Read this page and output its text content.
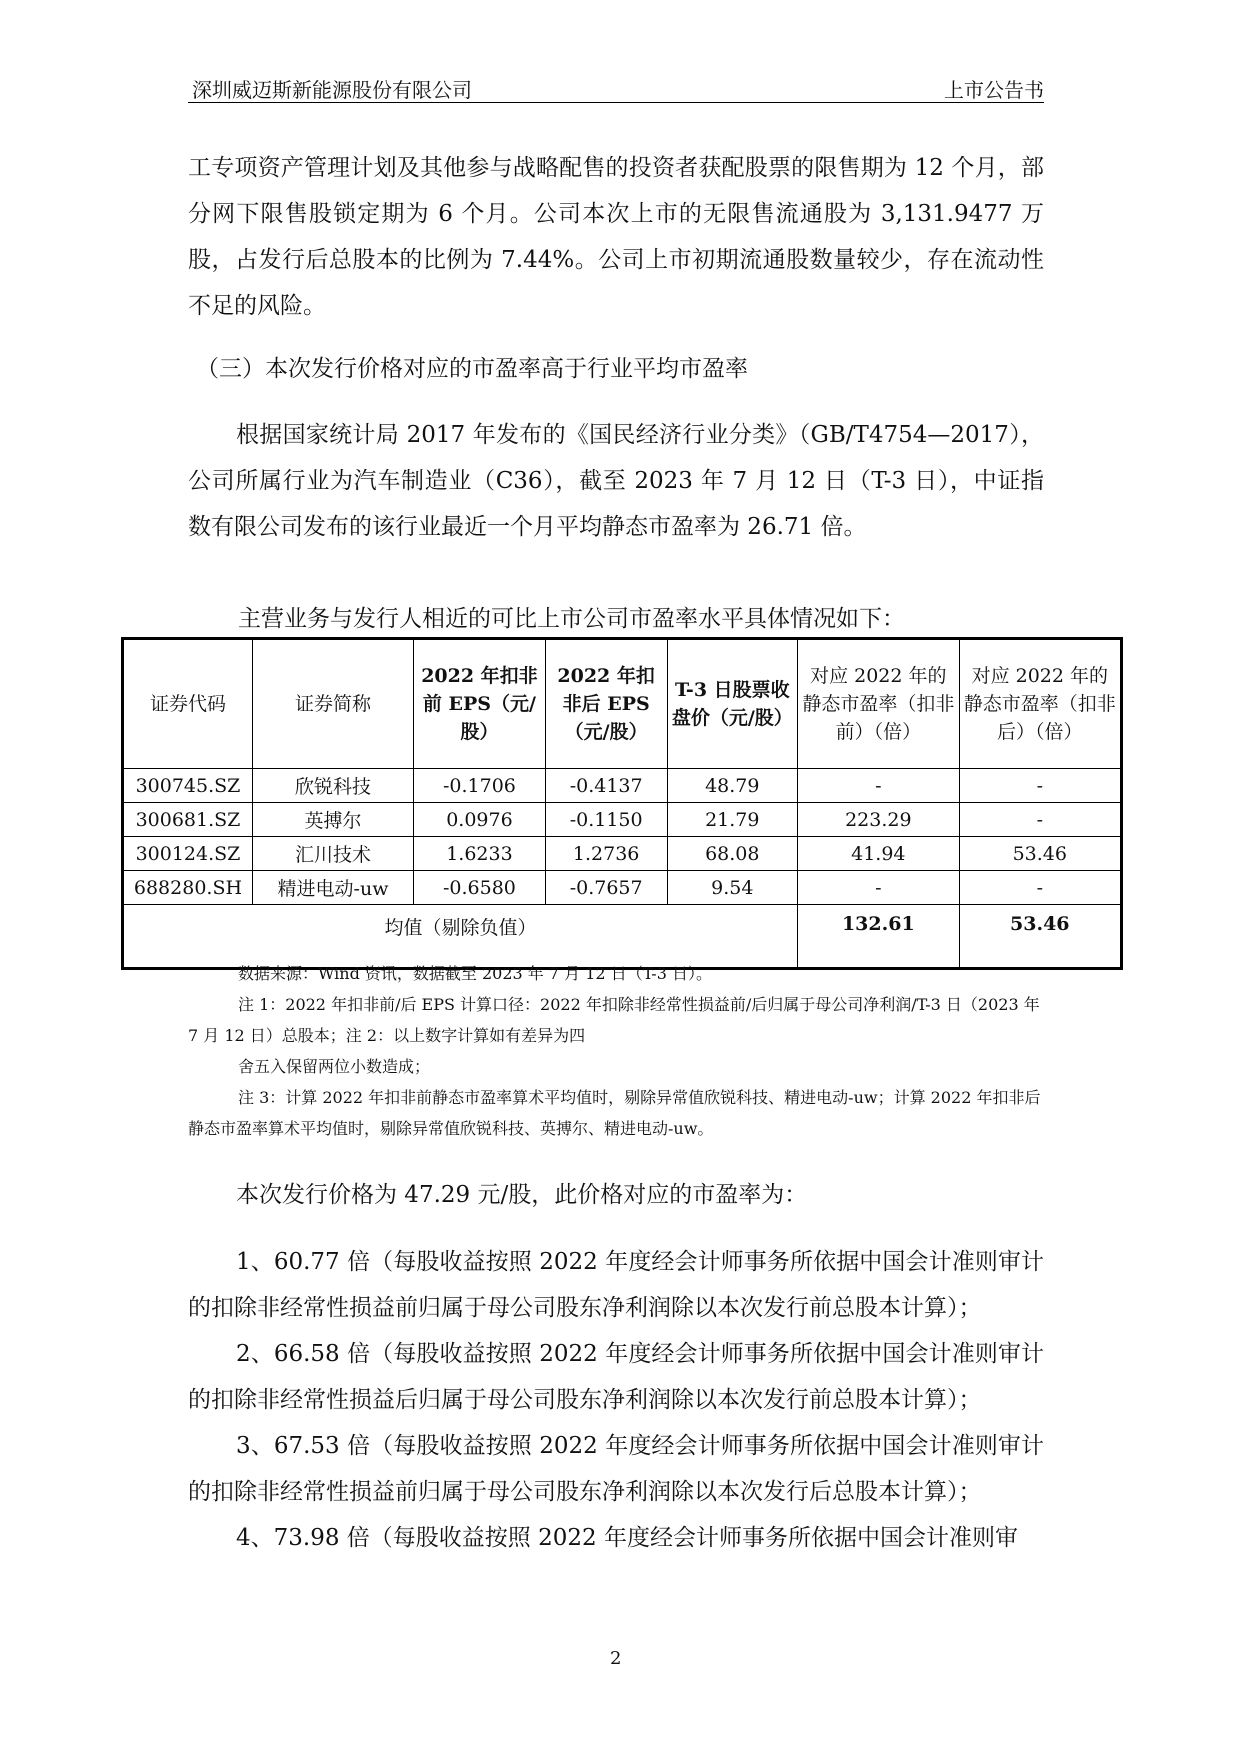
深圳威迈斯新能源股份有限公司	上市公告书
工专项资产管理计划及其他参与战略配售的投资者获配股票的限售期为 12 个月，部分网下限售股锁定期为 6 个月。公司本次上市的无限售流通股为 3,131.9477 万股，占发行后总股本的比例为 7.44%。公司上市初期流通股数量较少，存在流动性不足的风险。
（三）本次发行价格对应的市盈率高于行业平均市盈率
根据国家统计局 2017 年发布的《国民经济行业分类》（GB/T4754—2017），公司所属行业为汽车制造业（C36），截至 2023 年 7 月 12 日（T-3 日），中证指数有限公司发布的该行业最近一个月平均静态市盈率为 26.71 倍。
主营业务与发行人相近的可比上市公司市盈率水平具体情况如下：
证券代码	证券简称	2022 年扣非前 EPS（元/股）	2022 年扣非后 EPS（元/股）	T-3 日股票收盘价（元/股）	对应 2022 年的静态市盈率（扣非前）（倍）	对应 2022 年的静态市盈率（扣非后）（倍）
300745.SZ	欣锐科技	-0.1706	-0.4137	48.79	-	-
300681.SZ	英搏尔	0.0976	-0.1150	21.79	223.29	-
300124.SZ	汇川技术	1.6233	1.2736	68.08	41.94	53.46
688280.SH	精进电动-uw	-0.6580	-0.7657	9.54	-	-
均值（剔除负值）					132.61	53.46
数据来源：Wind 资讯，数据截至 2023 年 7 月 12 日（T-3 日）。
注 1：2022 年扣非前/后 EPS 计算口径：2022 年扣除非经常性损益前/后归属于母公司净利润/T-3 日（2023 年 7 月 12 日）总股本；注 2：以上数字计算如有差异为四
舍五入保留两位小数造成；
注 3：计算 2022 年扣非前静态市盈率算术平均值时，剔除异常值欣锐科技、精进电动-uw；计算 2022 年扣非后静态市盈率算术平均值时，剔除异常值欣锐科技、英搏尔、精进电动-uw。
本次发行价格为 47.29 元/股，此价格对应的市盈率为：
1、60.77 倍（每股收益按照 2022 年度经会计师事务所依据中国会计准则审计的扣除非经常性损益前归属于母公司股东净利润除以本次发行前总股本计算）；
2、66.58 倍（每股收益按照 2022 年度经会计师事务所依据中国会计准则审计的扣除非经常性损益后归属于母公司股东净利润除以本次发行前总股本计算）；
3、67.53 倍（每股收益按照 2022 年度经会计师事务所依据中国会计准则审计的扣除非经常性损益前归属于母公司股东净利润除以本次发行后总股本计算）；
4、73.98 倍（每股收益按照 2022 年度经会计师事务所依据中国会计准则审
2
